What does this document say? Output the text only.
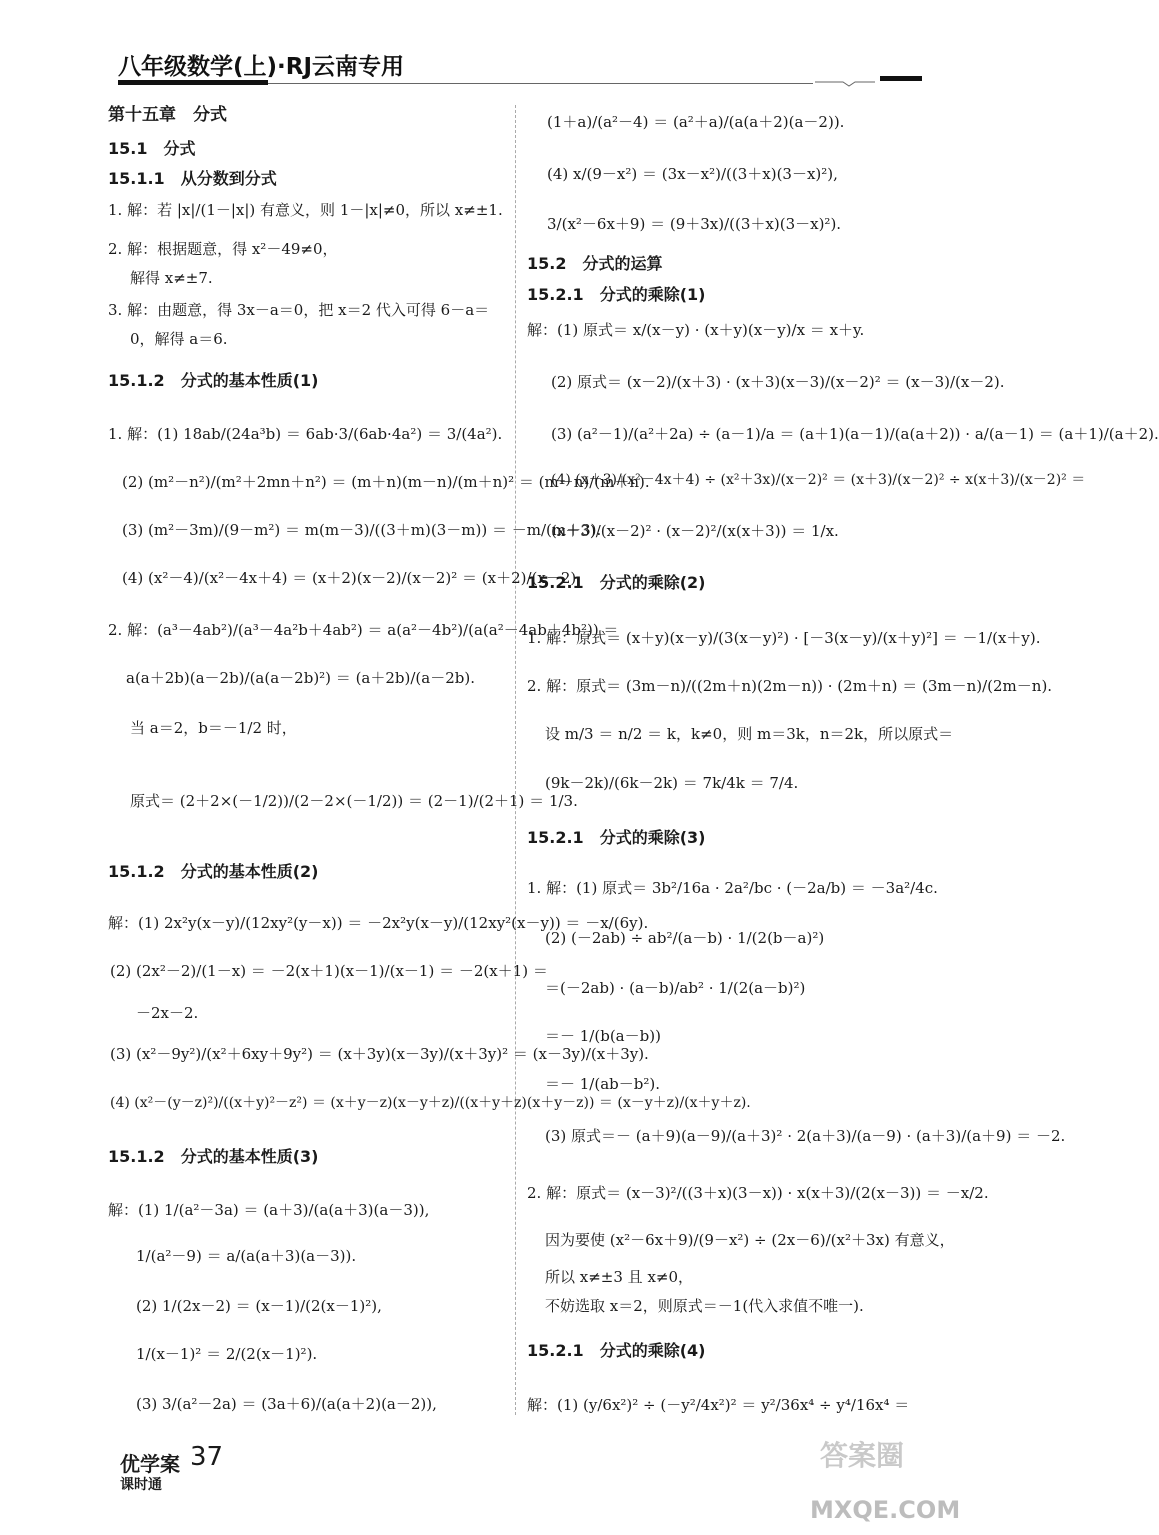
八年级数学(上)·RJ云南专用
第十五章　分式
15.1　分式
15.1.1　从分数到分式
1. 解：若 |x|/(1－|x|) 有意义，则 1－|x|≠0，所以 x≠±1.
2. 解：根据题意，得 x²－49≠0，
解得 x≠±7.
3. 解：由题意，得 3x－a＝0，把 x＝2 代入可得 6－a＝
0，解得 a＝6.
15.1.2　分式的基本性质(1)
1. 解：(1) 18ab/(24a³b) ＝ 6ab·3/(6ab·4a²) ＝ 3/(4a²).
(2) (m²－n²)/(m²＋2mn＋n²) ＝ (m＋n)(m－n)/(m＋n)² ＝ (m－n)/(m＋n).
(3) (m²－3m)/(9－m²) ＝ m(m－3)/((3＋m)(3－m)) ＝ －m/(m＋3).
(4) (x²－4)/(x²－4x＋4) ＝ (x＋2)(x－2)/(x－2)² ＝ (x＋2)/(x－2).
2. 解：(a³－4ab²)/(a³－4a²b＋4ab²) ＝ a(a²－4b²)/(a(a²－4ab＋4b²)) ＝
a(a＋2b)(a－2b)/(a(a－2b)²) ＝ (a＋2b)/(a－2b).
当 a＝2，b＝－1/2 时，
原式＝ (2＋2×(－1/2))/(2－2×(－1/2)) ＝ (2－1)/(2＋1) ＝ 1/3.
15.1.2　分式的基本性质(2)
解：(1) 2x²y(x－y)/(12xy²(y－x)) ＝ －2x²y(x－y)/(12xy²(x－y)) ＝ －x/(6y).
(2) (2x²－2)/(1－x) ＝ －2(x＋1)(x－1)/(x－1) ＝ －2(x＋1) ＝
－2x－2.
(3) (x²－9y²)/(x²＋6xy＋9y²) ＝ (x＋3y)(x－3y)/(x＋3y)² ＝ (x－3y)/(x＋3y).
(4) (x²－(y－z)²)/((x＋y)²－z²) ＝ (x＋y－z)(x－y＋z)/((x＋y＋z)(x＋y－z)) ＝ (x－y＋z)/(x＋y＋z).
15.1.2　分式的基本性质(3)
解：(1) 1/(a²－3a) ＝ (a＋3)/(a(a＋3)(a－3)),
1/(a²－9) ＝ a/(a(a＋3)(a－3)).
(2) 1/(2x－2) ＝ (x－1)/(2(x－1)²),
1/(x－1)² ＝ 2/(2(x－1)²).
(3) 3/(a²－2a) ＝ (3a＋6)/(a(a＋2)(a－2)),
(1＋a)/(a²－4) ＝ (a²＋a)/(a(a＋2)(a－2)).
(4) x/(9－x²) ＝ (3x－x²)/((3＋x)(3－x)²),
3/(x²－6x＋9) ＝ (9＋3x)/((3＋x)(3－x)²).
15.2　分式的运算
15.2.1　分式的乘除(1)
解：(1) 原式＝ x/(x－y) · (x＋y)(x－y)/x ＝ x＋y.
(2) 原式＝ (x－2)/(x＋3) · (x＋3)(x－3)/(x－2)² ＝ (x－3)/(x－2).
(3) (a²－1)/(a²＋2a) ÷ (a－1)/a ＝ (a＋1)(a－1)/(a(a＋2)) · a/(a－1) ＝ (a＋1)/(a＋2).
(4) (x＋3)/(x²－4x＋4) ÷ (x²＋3x)/(x－2)² ＝ (x＋3)/(x－2)² ÷ x(x＋3)/(x－2)² ＝
(x＋3)/(x－2)² · (x－2)²/(x(x＋3)) ＝ 1/x.
15.2.1　分式的乘除(2)
1. 解：原式＝ (x＋y)(x－y)/(3(x－y)²) · [－3(x－y)/(x＋y)²] ＝ －1/(x＋y).
2. 解：原式＝ (3m－n)/((2m＋n)(2m－n)) · (2m＋n) ＝ (3m－n)/(2m－n).
设 m/3 ＝ n/2 ＝ k，k≠0，则 m＝3k，n＝2k，所以原式＝
(9k－2k)/(6k－2k) ＝ 7k/4k ＝ 7/4.
15.2.1　分式的乘除(3)
1. 解：(1) 原式＝ 3b²/16a · 2a²/bc · (－2a/b) ＝ －3a²/4c.
(2) (－2ab) ÷ ab²/(a－b) · 1/(2(b－a)²)
＝(－2ab) · (a－b)/ab² · 1/(2(a－b)²)
＝－ 1/(b(a－b))
＝－ 1/(ab－b²).
(3) 原式＝－ (a＋9)(a－9)/(a＋3)² · 2(a＋3)/(a－9) · (a＋3)/(a＋9) ＝ －2.
2. 解：原式＝ (x－3)²/((3＋x)(3－x)) · x(x＋3)/(2(x－3)) ＝ －x/2.
因为要使 (x²－6x＋9)/(9－x²) ÷ (2x－6)/(x²＋3x) 有意义，
所以 x≠±3 且 x≠0，
不妨选取 x＝2，则原式＝－1(代入求值不唯一).
15.2.1　分式的乘除(4)
解：(1) (y/6x²)² ÷ (－y²/4x²)² ＝ y²/36x⁴ ÷ y⁴/16x⁴ ＝
优学案
课时通
37	答案圈
MXQE.COM
